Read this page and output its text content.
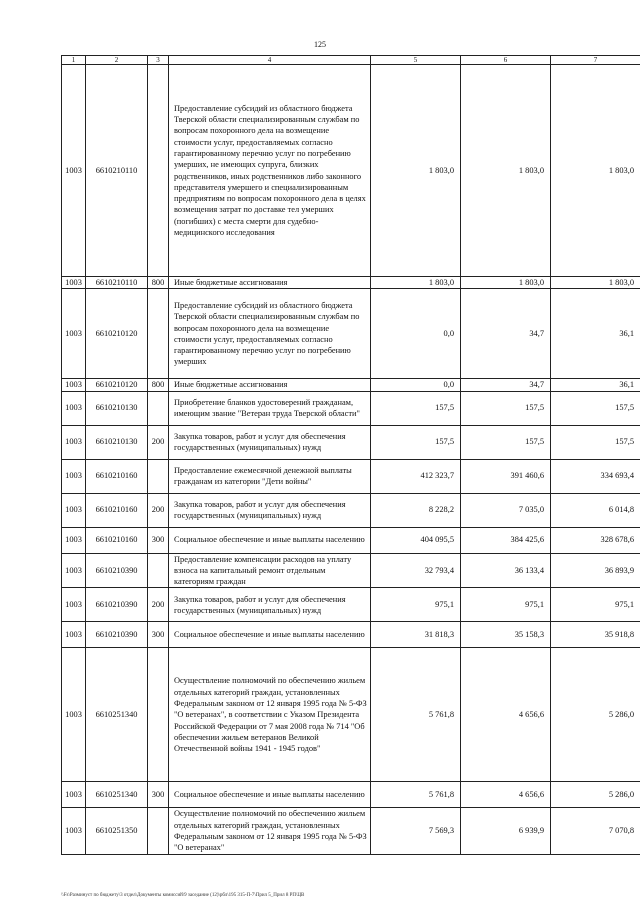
125
1	2	3	4	5	6	7
1003	6610210110		Предоставление субсидий из областного бюджета Тверской области специализированным службам по вопросам похоронного дела на возмещение стоимости услуг, предоставляемых согласно гарантированному перечню услуг по погребению умерших, не имеющих супруга, близких родственников, иных родственников либо законного представителя умершего и специализированным предприятиям по вопросам похоронного дела в целях возмещения затрат по доставке тел умерших (погибших) с места смерти для судебно-медицинского исследования	1 803,0	1 803,0	1 803,0
1003	6610210110	800	Иные бюджетные ассигнования	1 803,0	1 803,0	1 803,0
1003	6610210120		Предоставление субсидий из областного бюджета Тверской области специализированным службам по вопросам похоронного дела на возмещение стоимости услуг, предоставляемых согласно гарантированному перечню услуг по погребению умерших	0,0	34,7	36,1
1003	6610210120	800	Иные бюджетные ассигнования	0,0	34,7	36,1
1003	6610210130		Приобретение бланков удостоверений гражданам, имеющим звание "Ветеран труда Тверской области"	157,5	157,5	157,5
1003	6610210130	200	Закупка товаров, работ и услуг для обеспечения государственных (муниципальных) нужд	157,5	157,5	157,5
1003	6610210160		Предоставление ежемесячной денежной выплаты гражданам из категории "Дети войны"	412 323,7	391 460,6	334 693,4
1003	6610210160	200	Закупка товаров, работ и услуг для обеспечения государственных (муниципальных) нужд	8 228,2	7 035,0	6 014,8
1003	6610210160	300	Социальное обеспечение и иные выплаты населению	404 095,5	384 425,6	328 678,6
1003	6610210390		Предоставление компенсации расходов на уплату взноса на капитальный ремонт отдельным категориям граждан	32 793,4	36 133,4	36 893,9
1003	6610210390	200	Закупка товаров, работ и услуг для обеспечения государственных (муниципальных) нужд	975,1	975,1	975,1
1003	6610210390	300	Социальное обеспечение и иные выплаты населению	31 818,3	35 158,3	35 918,8
1003	6610251340		Осуществление полномочий по обеспечению жильем отдельных категорий граждан, установленных Федеральным законом от 12 января 1995 года № 5-ФЗ "О ветеранах", в соответствии с Указом Президента Российской Федерации от 7 мая 2008 года № 714 "Об обеспечении жильем ветеранов Великой Отечественной войны 1941 - 1945 годов"	5 761,8	4 656,6	5 286,0
1003	6610251340	300	Социальное обеспечение и иные выплаты населению	5 761,8	4 656,6	5 286,0
1003	6610251350		Осуществление полномочий по обеспечению жильем отдельных категорий граждан, установленных Федеральным законом от 12 января 1995 года № 5-ФЗ "О ветеранах"	7 569,3	6 939,9	7 070,8
\\Fs\Разминуст по бюджету\3 отдел\Документы комиссий\9 заседание (12)\рбл\195 315-П-7\Прил 5_Прил 8 РП\ЦВ
